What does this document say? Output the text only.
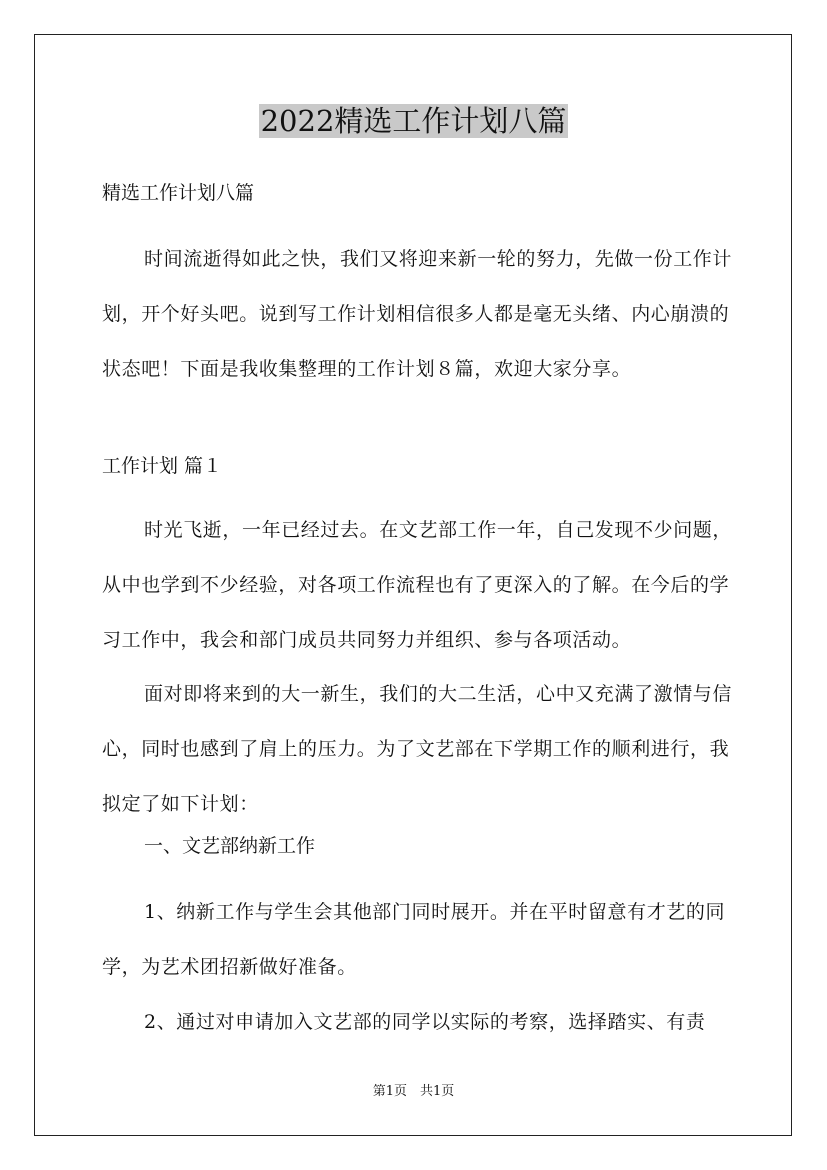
2022精选工作计划八篇
精选工作计划八篇

时间流逝得如此之快，我们又将迎来新一轮的努力，先做一份工作计划，开个好头吧。说到写工作计划相信很多人都是毫无头绪、内心崩溃的状态吧！下面是我收集整理的工作计划８篇，欢迎大家分享。

工作计划 篇１

时光飞逝，一年已经过去。在文艺部工作一年，自己发现不少问题，从中也学到不少经验，对各项工作流程也有了更深入的了解。在今后的学习工作中，我会和部门成员共同努力并组织、参与各项活动。

面对即将来到的大一新生，我们的大二生活，心中又充满了激情与信心，同时也感到了肩上的压力。为了文艺部在下学期工作的顺利进行，我拟定了如下计划：

一、文艺部纳新工作

1、纳新工作与学生会其他部门同时展开。并在平时留意有才艺的同学，为艺术团招新做好准备。

2、通过对申请加入文艺部的同学以实际的考察，选择踏实、有责

第1页　共1页
